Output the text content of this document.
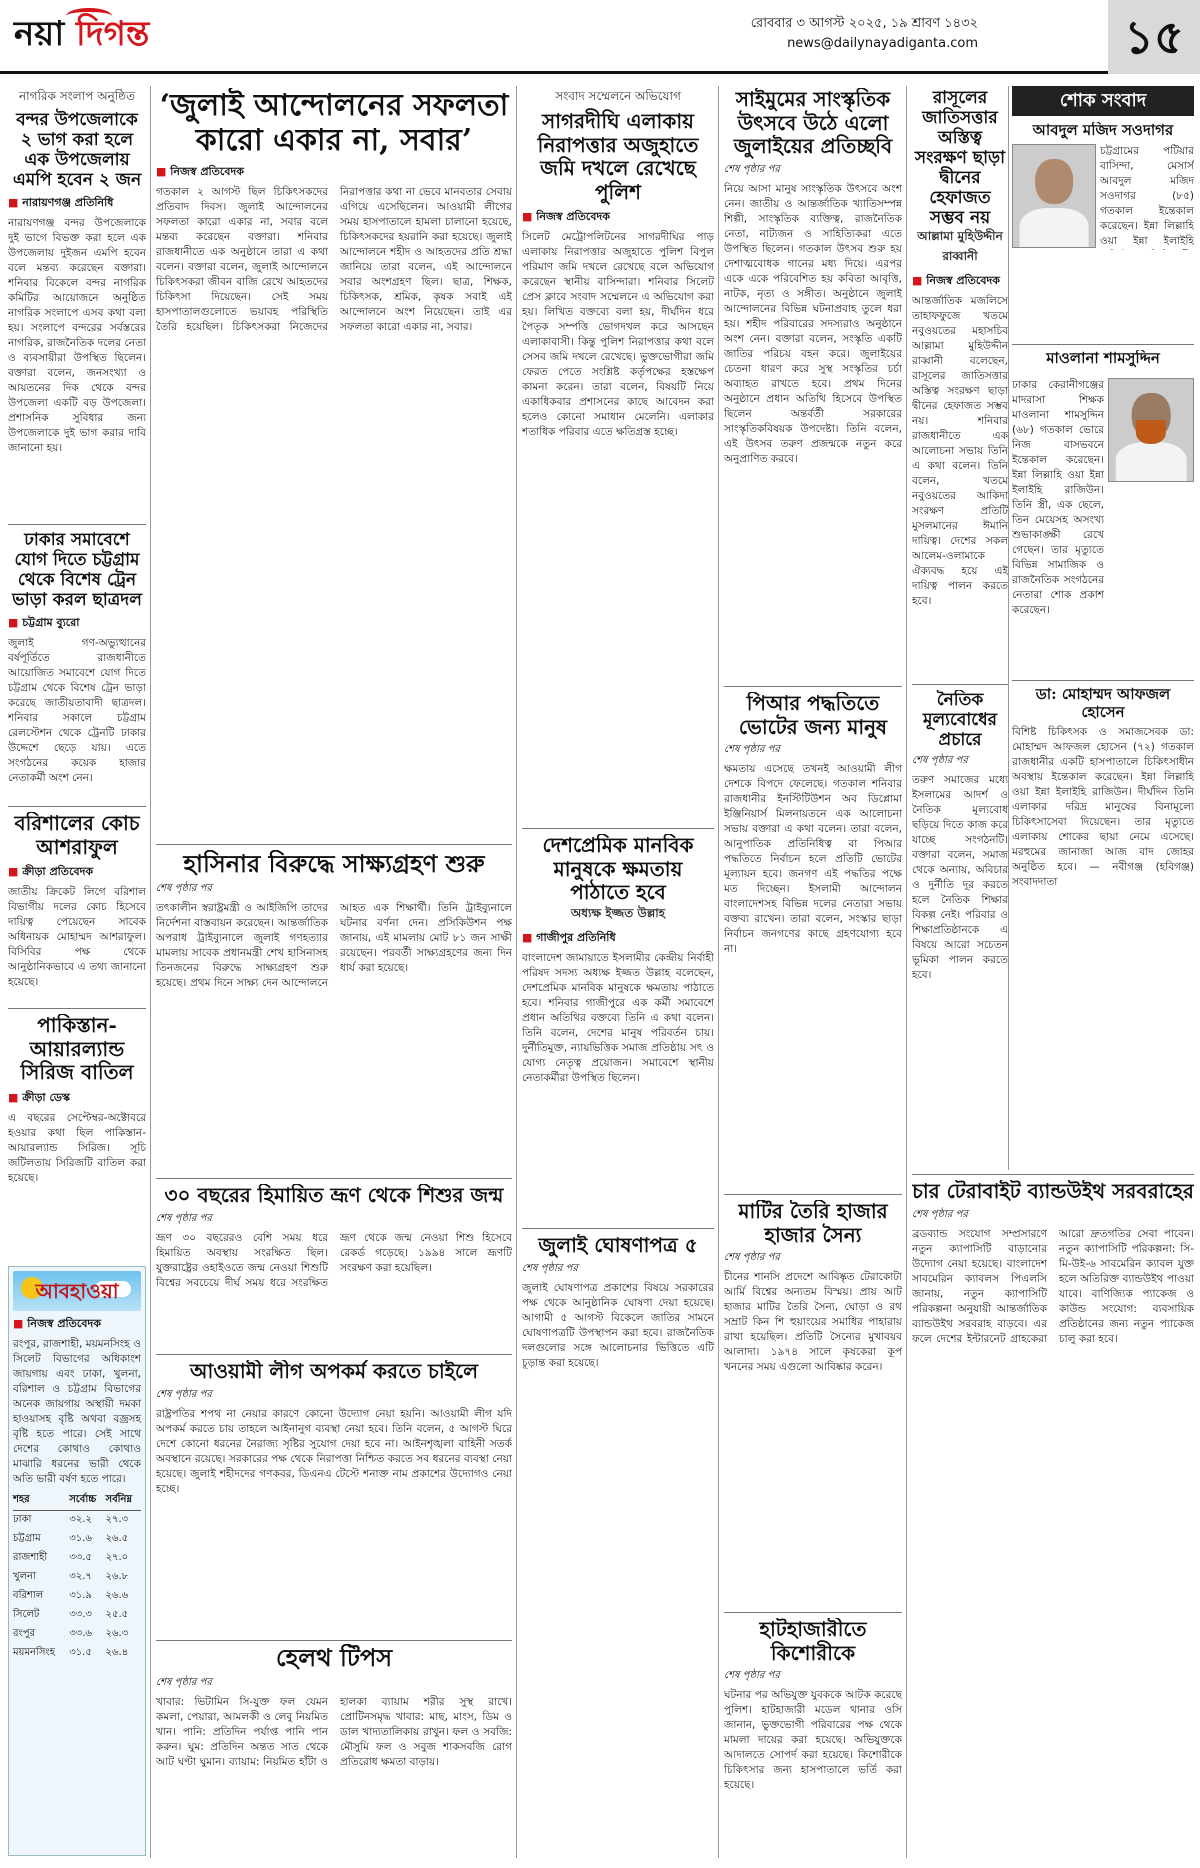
নয়া দিগন্ত	রোববার ৩ আগস্ট ২০২৫, ১৯ শ্রাবণ ১৪৩২
news@dailynayadiganta.com	১৫
নাগরিক সংলাপ অনুষ্ঠিত
বন্দর উপজেলাকে ২ ভাগ করা হলে এক উপজেলায় এমপি হবেন ২ জন
■ নারায়ণগঞ্জ প্রতিনিধি
নারায়ণগঞ্জ বন্দর উপজেলাকে দুই ভাগে বিভক্ত করা হলে এক উপজেলায় দুইজন এমপি হবেন বলে মন্তব্য করেছেন বক্তারা। শনিবার বিকেলে বন্দর নাগরিক কমিটির আয়োজনে অনুষ্ঠিত নাগরিক সংলাপে এসব কথা বলা হয়। সংলাপে বন্দরের সর্বস্তরের নাগরিক, রাজনৈতিক দলের নেতা ও ব্যবসায়ীরা উপস্থিত ছিলেন। বক্তারা বলেন, জনসংখ্যা ও আয়তনের দিক থেকে বন্দর উপজেলা একটি বড় উপজেলা। প্রশাসনিক সুবিধার জন্য উপজেলাকে দুই ভাগ করার দাবি জানানো হয়।
ঢাকার সমাবেশে যোগ দিতে চট্টগ্রাম থেকে বিশেষ ট্রেন ভাড়া করল ছাত্রদল
■ চট্টগ্রাম ব্যুরো
জুলাই গণ-অভ্যুত্থানের বর্ষপূর্তিতে রাজধানীতে আয়োজিত সমাবেশে যোগ দিতে চট্টগ্রাম থেকে বিশেষ ট্রেন ভাড়া করেছে জাতীয়তাবাদী ছাত্রদল। শনিবার সকালে চট্টগ্রাম রেলস্টেশন থেকে ট্রেনটি ঢাকার উদ্দেশে ছেড়ে যায়। এতে সংগঠনের কয়েক হাজার নেতাকর্মী অংশ নেন।
বরিশালের কোচ আশরাফুল
■ ক্রীড়া প্রতিবেদক
জাতীয় ক্রিকেট লিগে বরিশাল বিভাগীয় দলের কোচ হিসেবে দায়িত্ব পেয়েছেন সাবেক অধিনায়ক মোহাম্মদ আশরাফুল। বিসিবির পক্ষ থেকে আনুষ্ঠানিকভাবে এ তথ্য জানানো হয়েছে।
পাকিস্তান-আয়ারল্যান্ড সিরিজ বাতিল
■ ক্রীড়া ডেস্ক
এ বছরের সেপ্টেম্বর-অক্টোবরে হওয়ার কথা ছিল পাকিস্তান-আয়ারল্যান্ড সিরিজ। সূচি জটিলতায় সিরিজটি বাতিল করা হয়েছে।
আবহাওয়া
■ নিজস্ব প্রতিবেদক
রংপুর, রাজশাহী, ময়মনসিংহ ও সিলেট বিভাগের অধিকাংশ জায়গায় এবং ঢাকা, খুলনা, বরিশাল ও চট্টগ্রাম বিভাগের অনেক জায়গায় অস্থায়ী দমকা হাওয়াসহ বৃষ্টি অথবা বজ্রসহ বৃষ্টি হতে পারে। সেই সাথে দেশের কোথাও কোথাও মাঝারি ধরনের ভারী থেকে অতি ভারী বর্ষণ হতে পারে।
শহর	সর্বোচ্চ	সর্বনিম্ন
ঢাকা	৩২.২	২৭.৩
চট্টগ্রাম	৩১.৬	২৬.৫
রাজশাহী	৩৩.৫	২৭.০
খুলনা	৩২.৭	২৬.৮
বরিশাল	৩১.৯	২৬.৬
সিলেট	৩৩.৩	২৫.৫
রংপুর	৩৩.৬	২৬.৩
ময়মনসিংহ	৩১.৫	২৬.৪
‘জুলাই আন্দোলনের সফলতা কারো একার না, সবার’
■ নিজস্ব প্রতিবেদক
গতকাল ২ আগস্ট ছিল চিকিৎসকদের প্রতিবাদ দিবস। জুলাই আন্দোলনের সফলতা কারো একার না, সবার বলে মন্তব্য করেছেন বক্তারা। শনিবার রাজধানীতে এক অনুষ্ঠানে তারা এ কথা বলেন। বক্তারা বলেন, জুলাই আন্দোলনে চিকিৎসকরা জীবন বাজি রেখে আহতদের চিকিৎসা দিয়েছেন। সেই সময় হাসপাতালগুলোতে ভয়াবহ পরিস্থিতি তৈরি হয়েছিল। চিকিৎসকরা নিজেদের নিরাপত্তার কথা না ভেবে মানবতার সেবায় এগিয়ে এসেছিলেন। আওয়ামী লীগের সময় হাসপাতালে হামলা চালানো হয়েছে, চিকিৎসকদের হয়রানি করা হয়েছে। জুলাই আন্দোলনে শহীদ ও আহতদের প্রতি শ্রদ্ধা জানিয়ে তারা বলেন, এই আন্দোলনে সবার অংশগ্রহণ ছিল। ছাত্র, শিক্ষক, চিকিৎসক, শ্রমিক, কৃষক সবাই এই আন্দোলনে অংশ নিয়েছেন। তাই এর সফলতা কারো একার না, সবার।
হাসিনার বিরুদ্ধে সাক্ষ্যগ্রহণ শুরু
শেষ পৃষ্ঠার পর
তৎকালীন স্বরাষ্ট্রমন্ত্রী ও আইজিপি তাদের নির্দেশনা বাস্তবায়ন করেছেন। আন্তর্জাতিক অপরাধ ট্রাইব্যুনালে জুলাই গণহত্যার মামলায় সাবেক প্রধানমন্ত্রী শেখ হাসিনাসহ তিনজনের বিরুদ্ধে সাক্ষ্যগ্রহণ শুরু হয়েছে। প্রথম দিনে সাক্ষ্য দেন আন্দোলনে আহত এক শিক্ষার্থী। তিনি ট্রাইব্যুনালে ঘটনার বর্ণনা দেন। প্রসিকিউশন পক্ষ জানায়, এই মামলায় মোট ৮১ জন সাক্ষী রয়েছেন। পরবর্তী সাক্ষ্যগ্রহণের জন্য দিন ধার্য করা হয়েছে।
৩০ বছরের হিমায়িত ভ্রূণ থেকে শিশুর জন্ম
শেষ পৃষ্ঠার পর
ভ্রূণ ৩০ বছরেরও বেশি সময় ধরে হিমায়িত অবস্থায় সংরক্ষিত ছিল। যুক্তরাষ্ট্রের ওহাইওতে জন্ম নেওয়া শিশুটি বিশ্বের সবচেয়ে দীর্ঘ সময় ধরে সংরক্ষিত ভ্রূণ থেকে জন্ম নেওয়া শিশু হিসেবে রেকর্ড গড়েছে। ১৯৯৪ সালে ভ্রূণটি সংরক্ষণ করা হয়েছিল।
আওয়ামী লীগ অপকর্ম করতে চাইলে
শেষ পৃষ্ঠার পর
রাষ্ট্রপতির শপথ না নেয়ার কারণে কোনো উদ্যোগ নেয়া হয়নি। আওয়ামী লীগ যদি অপকর্ম করতে চায় তাহলে আইনানুগ ব্যবস্থা নেয়া হবে। তিনি বলেন, ৫ আগস্ট ঘিরে দেশে কোনো ধরনের নৈরাজ্য সৃষ্টির সুযোগ দেয়া হবে না। আইনশৃঙ্খলা বাহিনী সতর্ক অবস্থানে রয়েছে। সরকারের পক্ষ থেকে নিরাপত্তা নিশ্চিত করতে সব ধরনের ব্যবস্থা নেয়া হয়েছে। জুলাই শহীদদের গণকবর, ডিএনএ টেস্টে শনাক্ত নাম প্রকাশের উদ্যোগও নেয়া হচ্ছে।
হেলথ টিপস
শেষ পৃষ্ঠার পর
খাবার: ভিটামিন সি-যুক্ত ফল যেমন কমলা, পেয়ারা, আমলকী ও লেবু নিয়মিত খান। পানি: প্রতিদিন পর্যাপ্ত পানি পান করুন। ঘুম: প্রতিদিন অন্তত সাত থেকে আট ঘণ্টা ঘুমান। ব্যায়াম: নিয়মিত হাঁটা ও হালকা ব্যায়াম শরীর সুস্থ রাখে। প্রোটিনসমৃদ্ধ খাবার: মাছ, মাংস, ডিম ও ডাল খাদ্যতালিকায় রাখুন। ফল ও সবজি: মৌসুমি ফল ও সবুজ শাকসবজি রোগ প্রতিরোধ ক্ষমতা বাড়ায়।
সংবাদ সম্মেলনে অভিযোগ
সাগরদীঘি এলাকায় নিরাপত্তার অজুহাতে জমি দখলে রেখেছে পুলিশ
■ নিজস্ব প্রতিবেদক
সিলেট মেট্রোপলিটনের সাগরদীঘির পাড় এলাকায় নিরাপত্তার অজুহাতে পুলিশ বিপুল পরিমাণ জমি দখলে রেখেছে বলে অভিযোগ করেছেন স্থানীয় বাসিন্দারা। শনিবার সিলেট প্রেস ক্লাবে সংবাদ সম্মেলনে এ অভিযোগ করা হয়। লিখিত বক্তব্যে বলা হয়, দীর্ঘদিন ধরে পৈতৃক সম্পত্তি ভোগদখল করে আসছেন এলাকাবাসী। কিন্তু পুলিশ নিরাপত্তার কথা বলে সেসব জমি দখলে রেখেছে। ভুক্তভোগীরা জমি ফেরত পেতে সংশ্লিষ্ট কর্তৃপক্ষের হস্তক্ষেপ কামনা করেন। তারা বলেন, বিষয়টি নিয়ে একাধিকবার প্রশাসনের কাছে আবেদন করা হলেও কোনো সমাধান মেলেনি। এলাকার শতাধিক পরিবার এতে ক্ষতিগ্রস্ত হচ্ছে।
দেশপ্রেমিক মানবিক মানুষকে ক্ষমতায় পাঠাতে হবে
অধ্যক্ষ ইজ্জত উল্লাহ
■ গাজীপুর প্রতিনিধি
বাংলাদেশ জামায়াতে ইসলামীর কেন্দ্রীয় নির্বাহী পরিষদ সদস্য অধ্যক্ষ ইজ্জত উল্লাহ বলেছেন, দেশপ্রেমিক মানবিক মানুষকে ক্ষমতায় পাঠাতে হবে। শনিবার গাজীপুরে এক কর্মী সমাবেশে প্রধান অতিথির বক্তব্যে তিনি এ কথা বলেন। তিনি বলেন, দেশের মানুষ পরিবর্তন চায়। দুর্নীতিমুক্ত, ন্যায়ভিত্তিক সমাজ প্রতিষ্ঠায় সৎ ও যোগ্য নেতৃত্ব প্রয়োজন। সমাবেশে স্থানীয় নেতাকর্মীরা উপস্থিত ছিলেন।
জুলাই ঘোষণাপত্র ৫
শেষ পৃষ্ঠার পর
জুলাই ঘোষণাপত্র প্রকাশের বিষয়ে সরকারের পক্ষ থেকে আনুষ্ঠানিক ঘোষণা দেয়া হয়েছে। আগামী ৫ আগস্ট বিকেলে জাতির সামনে ঘোষণাপত্রটি উপস্থাপন করা হবে। রাজনৈতিক দলগুলোর সঙ্গে আলোচনার ভিত্তিতে এটি চূড়ান্ত করা হয়েছে।
সাইমুমের সাংস্কৃতিক উৎসবে উঠে এলো জুলাইয়ের প্রতিচ্ছবি
শেষ পৃষ্ঠার পর
নিয়ে আসা মানুষ সাংস্কৃতিক উৎসবে অংশ নেন। জাতীয় ও আন্তর্জাতিক খ্যাতিসম্পন্ন শিল্পী, সাংস্কৃতিক ব্যক্তিত্ব, রাজনৈতিক নেতা, নাট্যজন ও সাহিত্যিকরা এতে উপস্থিত ছিলেন। গতকাল উৎসব শুরু হয় দেশাত্মবোধক গানের মধ্য দিয়ে। এরপর একে একে পরিবেশিত হয় কবিতা আবৃত্তি, নাটক, নৃত্য ও সঙ্গীত। অনুষ্ঠানে জুলাই আন্দোলনের বিভিন্ন ঘটনাপ্রবাহ তুলে ধরা হয়। শহীদ পরিবারের সদস্যরাও অনুষ্ঠানে অংশ নেন। বক্তারা বলেন, সংস্কৃতি একটি জাতির পরিচয় বহন করে। জুলাইয়ের চেতনা ধারণ করে সুস্থ সংস্কৃতির চর্চা অব্যাহত রাখতে হবে। প্রথম দিনের অনুষ্ঠানে প্রধান অতিথি হিসেবে উপস্থিত ছিলেন অন্তর্বর্তী সরকারের সাংস্কৃতিকবিষয়ক উপদেষ্টা। তিনি বলেন, এই উৎসব তরুণ প্রজন্মকে নতুন করে অনুপ্রাণিত করবে।
পিআর পদ্ধতিতে ভোটের জন্য মানুষ
শেষ পৃষ্ঠার পর
ক্ষমতায় এসেছে তখনই আওয়ামী লীগ দেশকে বিপদে ফেলেছে। গতকাল শনিবার রাজধানীর ইনস্টিটিউশন অব ডিপ্লোমা ইঞ্জিনিয়ার্স মিলনায়তনে এক আলোচনা সভায় বক্তারা এ কথা বলেন। তারা বলেন, আনুপাতিক প্রতিনিধিত্ব বা পিআর পদ্ধতিতে নির্বাচন হলে প্রতিটি ভোটের মূল্যায়ন হবে। জনগণ এই পদ্ধতির পক্ষে মত দিচ্ছেন। ইসলামী আন্দোলন বাংলাদেশসহ বিভিন্ন দলের নেতারা সভায় বক্তব্য রাখেন। তারা বলেন, সংস্কার ছাড়া নির্বাচন জনগণের কাছে গ্রহণযোগ্য হবে না।
মাটির তৈরি হাজার হাজার সৈন্য
শেষ পৃষ্ঠার পর
চীনের শানসি প্রদেশে আবিষ্কৃত টেরাকোটা আর্মি বিশ্বের অন্যতম বিস্ময়। প্রায় আট হাজার মাটির তৈরি সৈন্য, ঘোড়া ও রথ সম্রাট কিন শি হুয়াংয়ের সমাধির পাহারায় রাখা হয়েছিল। প্রতিটি সৈন্যের মুখাবয়ব আলাদা। ১৯৭৪ সালে কৃষকেরা কূপ খননের সময় এগুলো আবিষ্কার করেন।
হাটহাজারীতে কিশোরীকে
শেষ পৃষ্ঠার পর
ঘটনার পর অভিযুক্ত যুবককে আটক করেছে পুলিশ। হাটহাজারী মডেল থানার ওসি জানান, ভুক্তভোগী পরিবারের পক্ষ থেকে মামলা দায়ের করা হয়েছে। অভিযুক্তকে আদালতে সোপর্দ করা হয়েছে। কিশোরীকে চিকিৎসার জন্য হাসপাতালে ভর্তি করা হয়েছে।
রাসূলের জাতিসত্তার অস্তিত্ব সংরক্ষণ ছাড়া দ্বীনের হেফাজত সম্ভব নয়
আল্লামা মুহিউদ্দীন রাব্বানী
■ নিজস্ব প্রতিবেদক
আন্তর্জাতিক মজলিসে তাহাফফুজে খতমে নবুওয়তের মহাসচিব আল্লামা মুহিউদ্দীন রাব্বানী বলেছেন, রাসূলের জাতিসত্তার অস্তিত্ব সংরক্ষণ ছাড়া দ্বীনের হেফাজত সম্ভব নয়। শনিবার রাজধানীতে এক আলোচনা সভায় তিনি এ কথা বলেন। তিনি বলেন, খতমে নবুওয়তের আকিদা সংরক্ষণ প্রতিটি মুসলমানের ঈমানি দায়িত্ব। দেশের সকল আলেম-ওলামাকে ঐক্যবদ্ধ হয়ে এই দায়িত্ব পালন করতে হবে।
নৈতিক মূল্যবোধের প্রচারে
শেষ পৃষ্ঠার পর
তরুণ সমাজের মধ্যে ইসলামের আদর্শ ও নৈতিক মূল্যবোধ ছড়িয়ে দিতে কাজ করে যাচ্ছে সংগঠনটি। বক্তারা বলেন, সমাজ থেকে অন্যায়, অবিচার ও দুর্নীতি দূর করতে হলে নৈতিক শিক্ষার বিকল্প নেই। পরিবার ও শিক্ষাপ্রতিষ্ঠানকে এ বিষয়ে আরো সচেতন ভূমিকা পালন করতে হবে।
চার টেরাবাইট ব্যান্ডউইথ সরবরাহের
শেষ পৃষ্ঠার পর
ব্রডব্যান্ড সংযোগ সম্প্রসারণে নতুন ক্যাপাসিটি বাড়ানোর উদ্যোগ নেয়া হয়েছে। বাংলাদেশ সাবমেরিন ক্যাবলস পিএলসি জানায়, নতুন ক্যাপাসিটি পরিকল্পনা অনুযায়ী আন্তর্জাতিক ব্যান্ডউইথ সরবরাহ বাড়বে। এর ফলে দেশের ইন্টারনেট গ্রাহকেরা আরো দ্রুতগতির সেবা পাবেন। নতুন ক্যাপাসিটি পরিকল্পনা: সি-মি-উই-৬ সাবমেরিন ক্যাবল যুক্ত হলে অতিরিক্ত ব্যান্ডউইথ পাওয়া যাবে। বাণিজ্যিক প্যাকেজ ও কাউন্ড সংযোগ: ব্যবসায়িক প্রতিষ্ঠানের জন্য নতুন প্যাকেজ চালু করা হবে।
শোক সংবাদ
আবদুল মজিদ সওদাগর
চট্টগ্রামের পটিয়ার বাসিন্দা, মেসার্স আবদুল মজিদ সওদাগর (৮৫) গতকাল ইন্তেকাল করেছেন। ইন্না লিল্লাহি ওয়া ইন্না ইলাইহি
মাওলানা শামসুদ্দিন
ঢাকার কেরানীগঞ্জের মাদরাসা শিক্ষক মাওলানা শামসুদ্দিন (৬৮) গতকাল ভোরে নিজ বাসভবনে ইন্তেকাল করেছেন। ইন্না লিল্লাহি ওয়া ইন্না ইলাইহি রাজিউন। তিনি স্ত্রী, এক ছেলে, তিন মেয়েসহ অসংখ্য শুভাকাঙ্ক্ষী রেখে গেছেন। তার মৃত্যুতে বিভিন্ন সামাজিক ও রাজনৈতিক সংগঠনের নেতারা শোক প্রকাশ করেছেন।
ডা: মোহাম্মদ আফজল হোসেন
বিশিষ্ট চিকিৎসক ও সমাজসেবক ডা: মোহাম্মদ আফজল হোসেন (৭২) গতকাল রাজধানীর একটি হাসপাতালে চিকিৎসাধীন অবস্থায় ইন্তেকাল করেছেন। ইন্না লিল্লাহি ওয়া ইন্না ইলাইহি রাজিউন। দীর্ঘদিন তিনি এলাকার দরিদ্র মানুষের বিনামূল্যে চিকিৎসাসেবা দিয়েছেন। তার মৃত্যুতে এলাকায় শোকের ছায়া নেমে এসেছে। মরহুমের জানাজা আজ বাদ জোহর অনুষ্ঠিত হবে। — নবীগঞ্জ (হবিগঞ্জ) সংবাদদাতা
